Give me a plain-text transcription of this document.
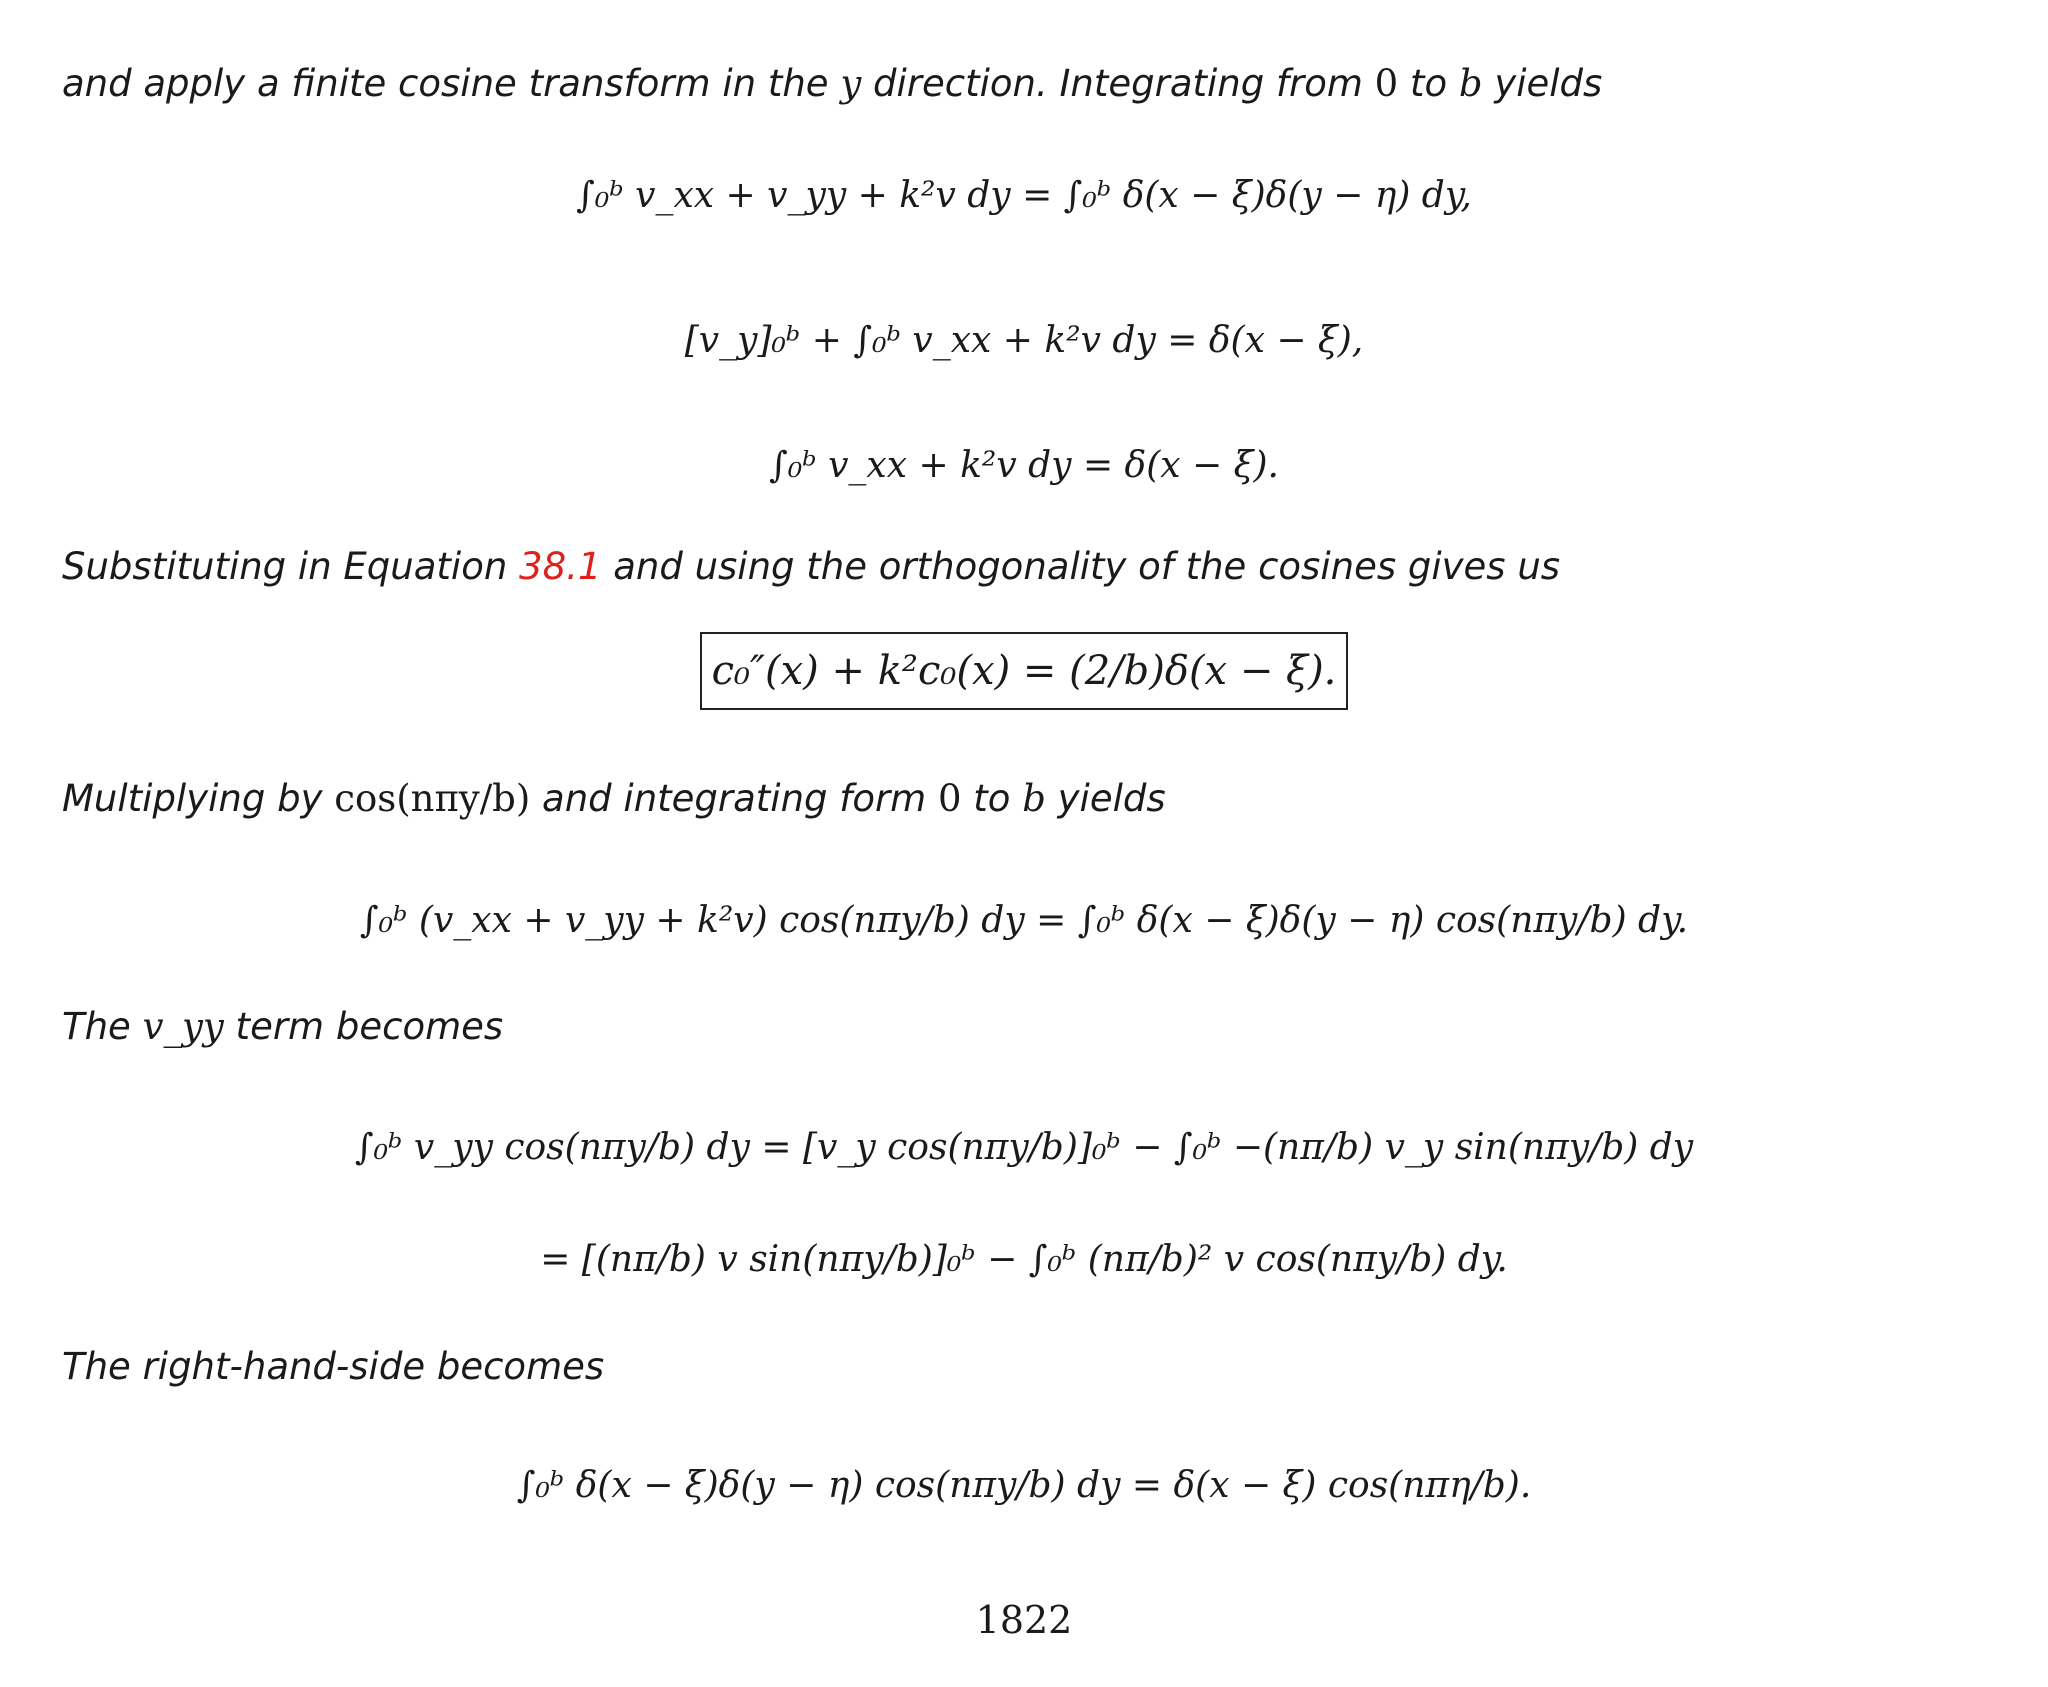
and apply a finite cosine transform in the y direction. Integrating from 0 to b yields
∫₀ᵇ v_xx + v_yy + k²v dy = ∫₀ᵇ δ(x − ξ)δ(y − η) dy,
[v_y]₀ᵇ + ∫₀ᵇ v_xx + k²v dy = δ(x − ξ),
∫₀ᵇ v_xx + k²v dy = δ(x − ξ).
Substituting in Equation 38.1 and using the orthogonality of the cosines gives us
c₀″(x) + k²c₀(x) = (2/b)δ(x − ξ).
Multiplying by cos(nπy/b) and integrating form 0 to b yields
∫₀ᵇ (v_xx + v_yy + k²v) cos(nπy/b) dy = ∫₀ᵇ δ(x − ξ)δ(y − η) cos(nπy/b) dy.
The v_yy term becomes
∫₀ᵇ v_yy cos(nπy/b) dy = [v_y cos(nπy/b)]₀ᵇ − ∫₀ᵇ −(nπ/b) v_y sin(nπy/b) dy
= [(nπ/b) v sin(nπy/b)]₀ᵇ − ∫₀ᵇ (nπ/b)² v cos(nπy/b) dy.
The right-hand-side becomes
∫₀ᵇ δ(x − ξ)δ(y − η) cos(nπy/b) dy = δ(x − ξ) cos(nπη/b).
1822
